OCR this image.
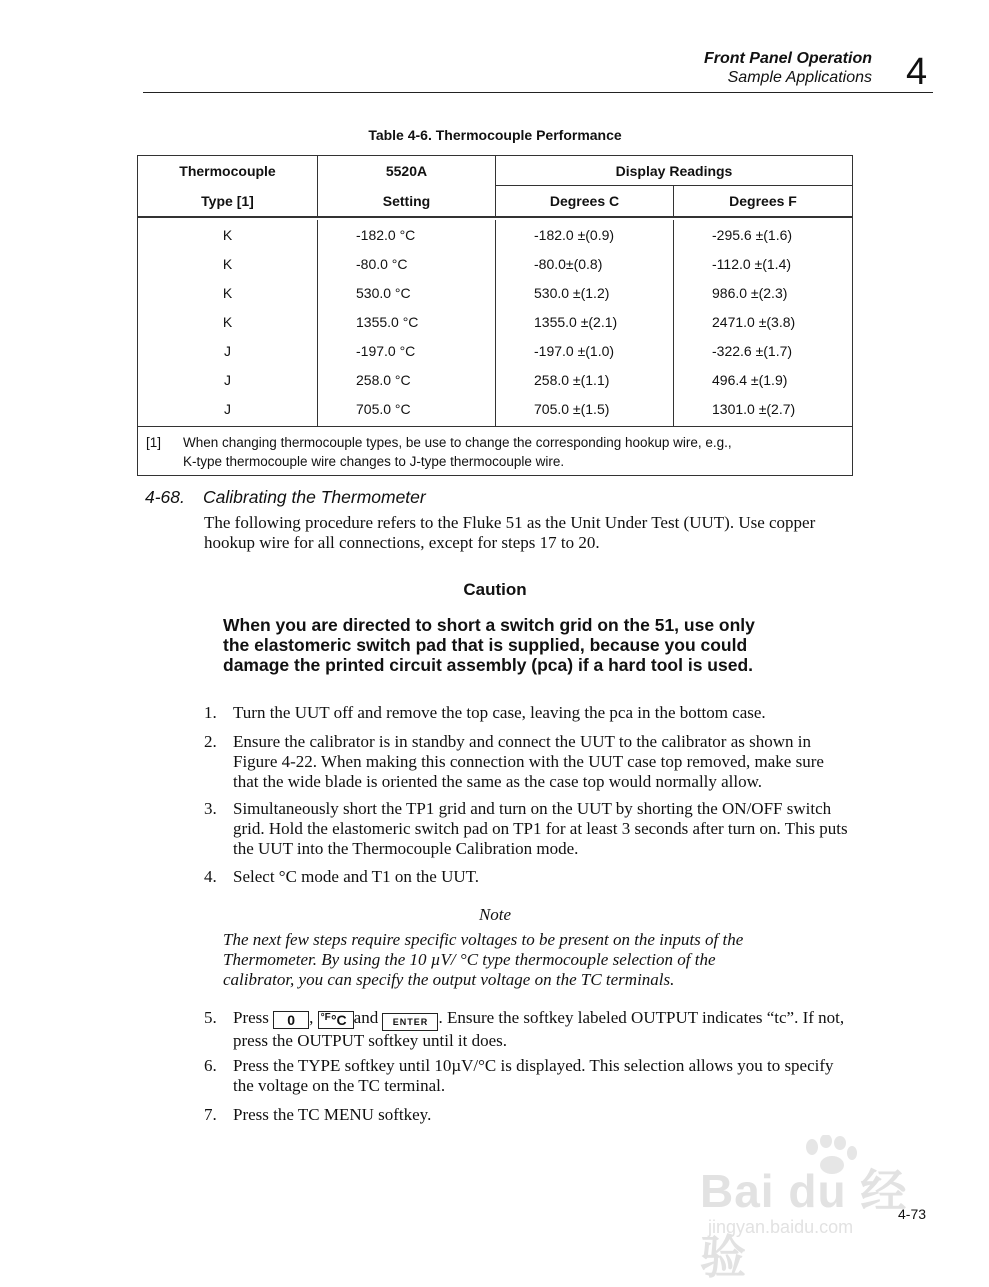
Front Panel Operation
Sample Applications 4
Table 4-6. Thermocouple Performance
Thermocouple	5520A	Display Readings
Type [1]	Setting	Degrees C	Degrees F
K	-182.0 °C	-182.0 ±(0.9)	-295.6 ±(1.6)
K	-80.0 °C	-80.0±(0.8)	-112.0 ±(1.4)
K	530.0 °C	530.0 ±(1.2)	986.0 ±(2.3)
K	1355.0 °C	1355.0 ±(2.1)	2471.0 ±(3.8)
J	-197.0 °C	-197.0 ±(1.0)	-322.6 ±(1.7)
J	258.0 °C	258.0 ±(1.1)	496.4 ±(1.9)
J	705.0 °C	705.0 ±(1.5)	1301.0 ±(2.7)
[1] When changing thermocouple types, be use to change the corresponding hookup wire, e.g.,
K-type thermocouple wire changes to J-type thermocouple wire.
4-68. Calibrating the Thermometer
The following procedure refers to the Fluke 51 as the Unit Under Test (UUT). Use copper hookup wire for all connections, except for steps 17 to 20.
Caution
When you are directed to short a switch grid on the 51, use only the elastomeric switch pad that is supplied, because you could damage the printed circuit assembly (pca) if a hard tool is used.
1. Turn the UUT off and remove the top case, leaving the pca in the bottom case.
2. Ensure the calibrator is in standby and connect the UUT to the calibrator as shown in Figure 4-22. When making this connection with the UUT case top removed, make sure that the wide blade is oriented the same as the case top would normally allow.
3. Simultaneously short the TP1 grid and turn on the UUT by shorting the ON/OFF switch grid. Hold the elastomeric switch pad on TP1 for at least 3 seconds after turn on. This puts the UUT into the Thermocouple Calibration mode.
4. Select °C mode and T1 on the UUT.
Note
The next few steps require specific voltages to be present on the inputs of the Thermometer. By using the 10 µV/ °C type thermocouple selection of the calibrator, you can specify the output voltage on the TC terminals.
5. Press 0 , °F °C and ENTER . Ensure the softkey labeled OUTPUT indicates “tc”. If not, press the OUTPUT softkey until it does.
6. Press the TYPE softkey until 10µV/°C is displayed. This selection allows you to specify the voltage on the TC terminal.
7. Press the TC MENU softkey.
Bai du 经验
jingyan.baidu.com
4-73
